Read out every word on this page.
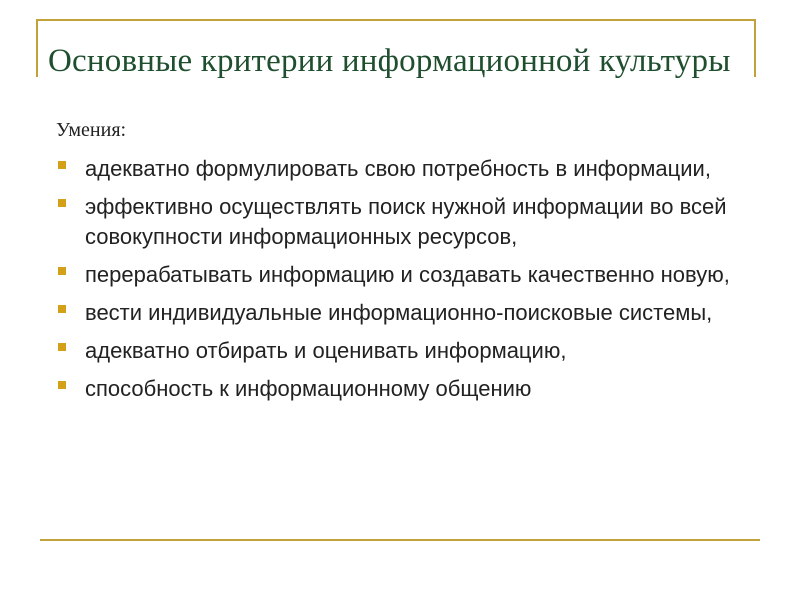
Основные критерии информационной культуры

Умения:

адекватно формулировать свою потребность в информации,
эффективно осуществлять поиск нужной информации во всей совокупности информационных ресурсов,
перерабатывать информацию и создавать качественно новую,
вести индивидуальные информационно-поисковые системы,
адекватно отбирать и оценивать информацию,
способность к информационному общению
